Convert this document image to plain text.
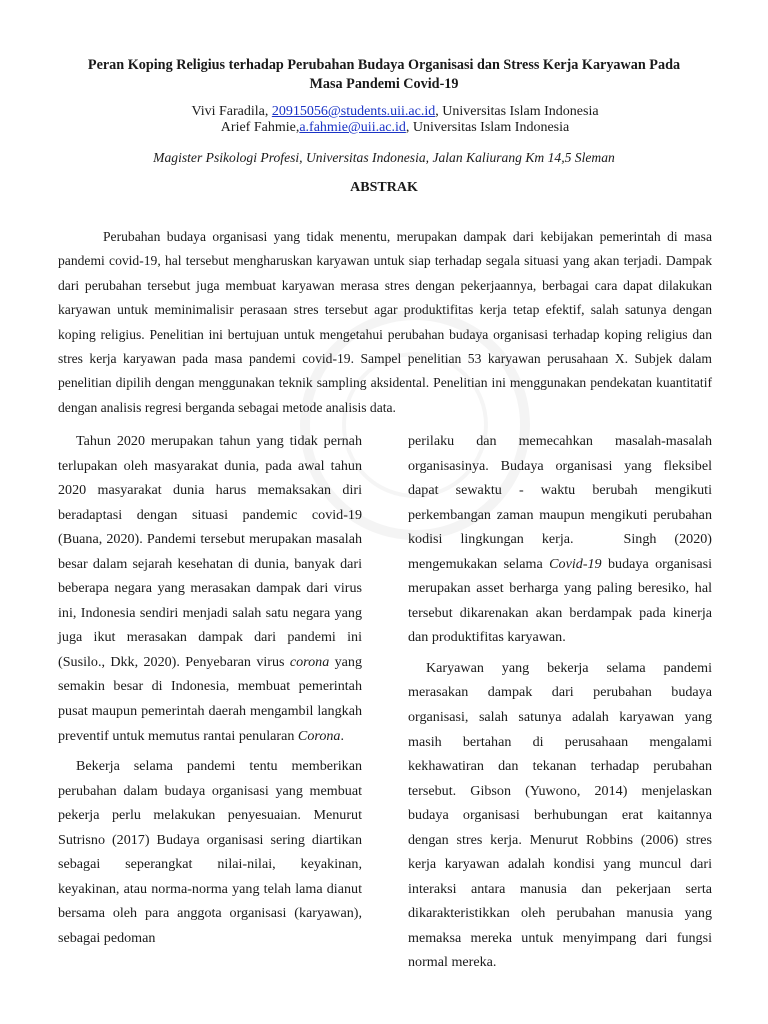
Peran Koping Religius terhadap Perubahan Budaya Organisasi dan Stress Kerja Karyawan Pada
Masa Pandemi Covid-19
Vivi Faradila, 20915056@students.uii.ac.id, Universitas Islam Indonesia
Arief Fahmie,a.fahmie@uii.ac.id, Universitas Islam Indonesia
Magister Psikologi Profesi, Universitas Indonesia, Jalan Kaliurang Km 14,5 Sleman
ABSTRAK
Perubahan budaya organisasi yang tidak menentu, merupakan dampak dari kebijakan pemerintah di masa pandemi covid-19, hal tersebut mengharuskan karyawan untuk siap terhadap segala situasi yang akan terjadi. Dampak dari perubahan tersebut juga membuat karyawan merasa stres dengan pekerjaannya, berbagai cara dapat dilakukan karyawan untuk meminimalisir perasaan stres tersebut agar produktifitas kerja tetap efektif, salah satunya dengan koping religius. Penelitian ini bertujuan untuk mengetahui perubahan budaya organisasi terhadap koping religius dan stres kerja karyawan pada masa pandemi covid-19. Sampel penelitian 53 karyawan perusahaan X. Subjek dalam penelitian dipilih dengan menggunakan teknik sampling aksidental. Penelitian ini menggunakan pendekatan kuantitatif dengan analisis regresi berganda sebagai metode analisis data.

Tahun 2020 merupakan tahun yang tidak pernah terlupakan oleh masyarakat dunia, pada awal tahun 2020 masyarakat dunia harus memaksakan diri beradaptasi dengan situasi pandemic covid-19 (Buana, 2020). Pandemi tersebut merupakan masalah besar dalam sejarah kesehatan di dunia, banyak dari beberapa negara yang merasakan dampak dari virus ini, Indonesia sendiri menjadi salah satu negara yang juga ikut merasakan dampak dari pandemi ini (Susilo., Dkk, 2020). Penyebaran virus corona yang semakin besar di Indonesia, membuat pemerintah pusat maupun pemerintah daerah mengambil langkah preventif untuk memutus rantai penularan Corona.

Bekerja selama pandemi tentu memberikan perubahan dalam budaya organisasi yang membuat pekerja perlu melakukan penyesuaian. Menurut Sutrisno (2017) Budaya organisasi sering diartikan sebagai seperangkat nilai-nilai, keyakinan, keyakinan, atau norma-norma yang telah lama dianut bersama oleh para anggota organisasi (karyawan), sebagai pedoman

perilaku dan memecahkan masalah-masalah organisasinya. Budaya organisasi yang fleksibel dapat sewaktu - waktu berubah mengikuti perkembangan zaman maupun mengikuti perubahan kodisi lingkungan kerja.	Singh (2020) mengemukakan selama Covid-19 budaya organisasi merupakan asset berharga yang paling beresiko, hal tersebut dikarenakan akan berdampak pada kinerja dan produktifitas karyawan.

Karyawan yang bekerja selama pandemi merasakan dampak dari perubahan budaya organisasi, salah satunya adalah karyawan yang masih bertahan di perusahaan mengalami kekhawatiran dan tekanan terhadap perubahan tersebut. Gibson (Yuwono, 2014) menjelaskan budaya organisasi berhubungan erat kaitannya dengan stres kerja. Menurut Robbins (2006) stres kerja karyawan adalah kondisi yang muncul dari interaksi antara manusia dan pekerjaan serta dikarakteristikkan oleh perubahan manusia yang memaksa mereka untuk menyimpang dari fungsi normal mereka.
